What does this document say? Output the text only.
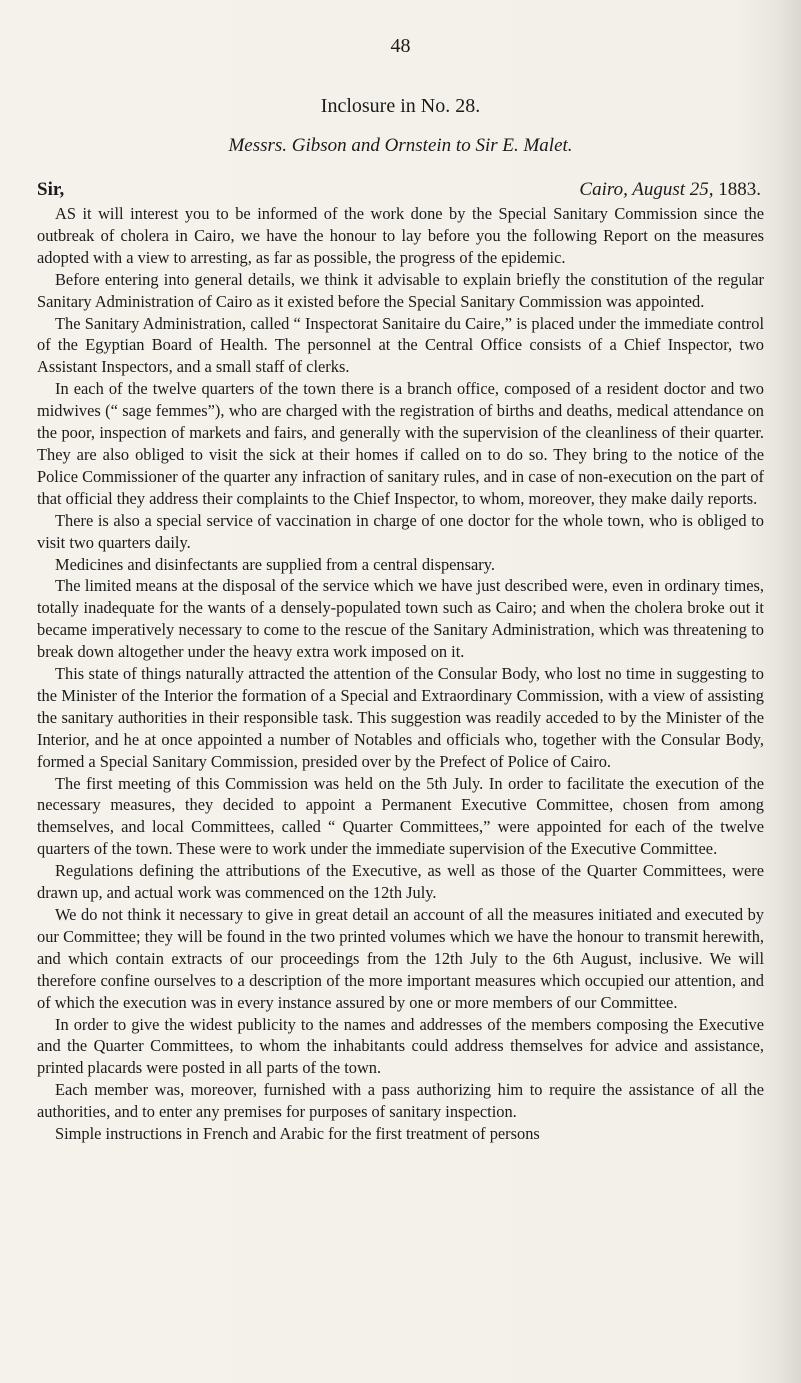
48
Inclosure in No. 28.
Messrs. Gibson and Ornstein to Sir E. Malet.
Sir,	Cairo, August 25, 1883.

AS it will interest you to be informed of the work done by the Special Sanitary Commission since the outbreak of cholera in Cairo, we have the honour to lay before you the following Report on the measures adopted with a view to arresting, as far as possible, the progress of the epidemic.

Before entering into general details, we think it advisable to explain briefly the constitution of the regular Sanitary Administration of Cairo as it existed before the Special Sanitary Commission was appointed.

The Sanitary Administration, called “ Inspectorat Sanitaire du Caire,” is placed under the immediate control of the Egyptian Board of Health. The personnel at the Central Office consists of a Chief Inspector, two Assistant Inspectors, and a small staff of clerks.

In each of the twelve quarters of the town there is a branch office, composed of a resident doctor and two midwives (“ sage femmes”), who are charged with the registration of births and deaths, medical attendance on the poor, inspection of markets and fairs, and generally with the supervision of the cleanliness of their quarter. They are also obliged to visit the sick at their homes if called on to do so. They bring to the notice of the Police Commissioner of the quarter any infraction of sanitary rules, and in case of non-execution on the part of that official they address their complaints to the Chief Inspector, to whom, moreover, they make daily reports.

There is also a special service of vaccination in charge of one doctor for the whole town, who is obliged to visit two quarters daily.

Medicines and disinfectants are supplied from a central dispensary.

The limited means at the disposal of the service which we have just described were, even in ordinary times, totally inadequate for the wants of a densely-populated town such as Cairo; and when the cholera broke out it became imperatively necessary to come to the rescue of the Sanitary Administration, which was threatening to break down altogether under the heavy extra work imposed on it.

This state of things naturally attracted the attention of the Consular Body, who lost no time in suggesting to the Minister of the Interior the formation of a Special and Extraordinary Commission, with a view of assisting the sanitary authorities in their responsible task. This suggestion was readily acceded to by the Minister of the Interior, and he at once appointed a number of Notables and officials who, together with the Consular Body, formed a Special Sanitary Commission, presided over by the Prefect of Police of Cairo.

The first meeting of this Commission was held on the 5th July. In order to facilitate the execution of the necessary measures, they decided to appoint a Permanent Executive Committee, chosen from among themselves, and local Committees, called “ Quarter Committees,” were appointed for each of the twelve quarters of the town. These were to work under the immediate supervision of the Executive Committee.

Regulations defining the attributions of the Executive, as well as those of the Quarter Committees, were drawn up, and actual work was commenced on the 12th July.

We do not think it necessary to give in great detail an account of all the measures initiated and executed by our Committee; they will be found in the two printed volumes which we have the honour to transmit herewith, and which contain extracts of our proceedings from the 12th July to the 6th August, inclusive. We will therefore confine ourselves to a description of the more important measures which occupied our attention, and of which the execution was in every instance assured by one or more members of our Committee.

In order to give the widest publicity to the names and addresses of the members composing the Executive and the Quarter Committees, to whom the inhabitants could address themselves for advice and assistance, printed placards were posted in all parts of the town.

Each member was, moreover, furnished with a pass authorizing him to require the assistance of all the authorities, and to enter any premises for purposes of sanitary inspection.

Simple instructions in French and Arabic for the first treatment of persons
